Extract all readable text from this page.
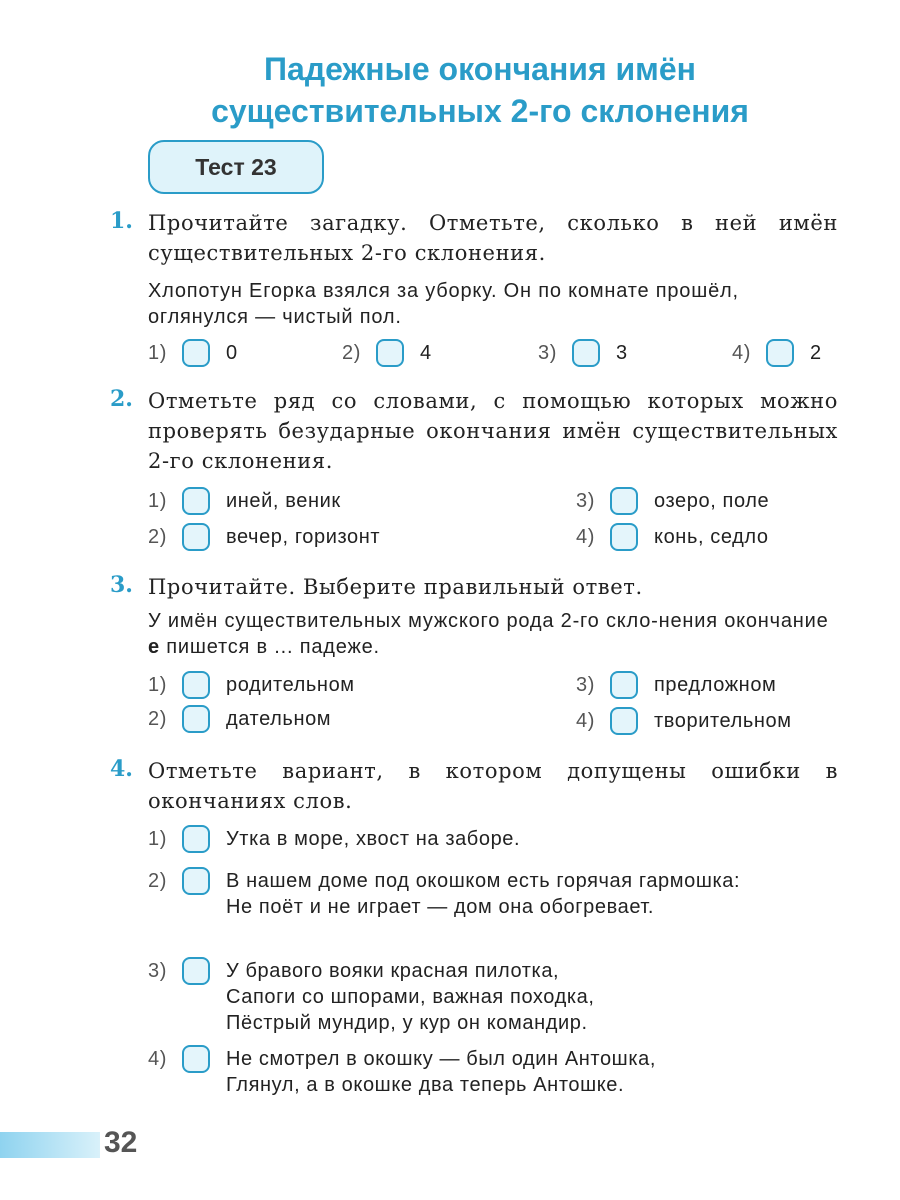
Падежные окончания имён
существительных 2-го склонения
Тест 23
1. Прочитайте загадку. Отметьте, сколько в ней имён существительных 2-го склонения.
Хлопотун Егорка взялся за уборку. Он по комнате прошёл, оглянулся — чистый пол.
1)	0	2)	4	3)	3	4)	2
2. Отметьте ряд со словами, с помощью которых можно проверять безударные окончания имён существительных 2-го склонения.
1)	иней, веник
2)	вечер, горизонт
3)	озеро, поле
4)	конь, седло
3. Прочитайте. Выберите правильный ответ.
У имён существительных мужского рода 2-го скло-нения окончание е пишется в ... падеже.
1)	родительном
2)	дательном
3)	предложном
4)	творительном
4. Отметьте вариант, в котором допущены ошибки в окончаниях слов.
1)	Утка в море, хвост на заборе.
2)	В нашем доме под окошком есть горячая гармошка:
Не поёт и не играет — дом она обогревает.
3)	У бравого вояки красная пилотка,
Сапоги со шпорами, важная походка,
Пёстрый мундир, у кур он командир.
4)	Не смотрел в окошку — был один Антошка,
Глянул, а в окошке два теперь Антошке.
32
